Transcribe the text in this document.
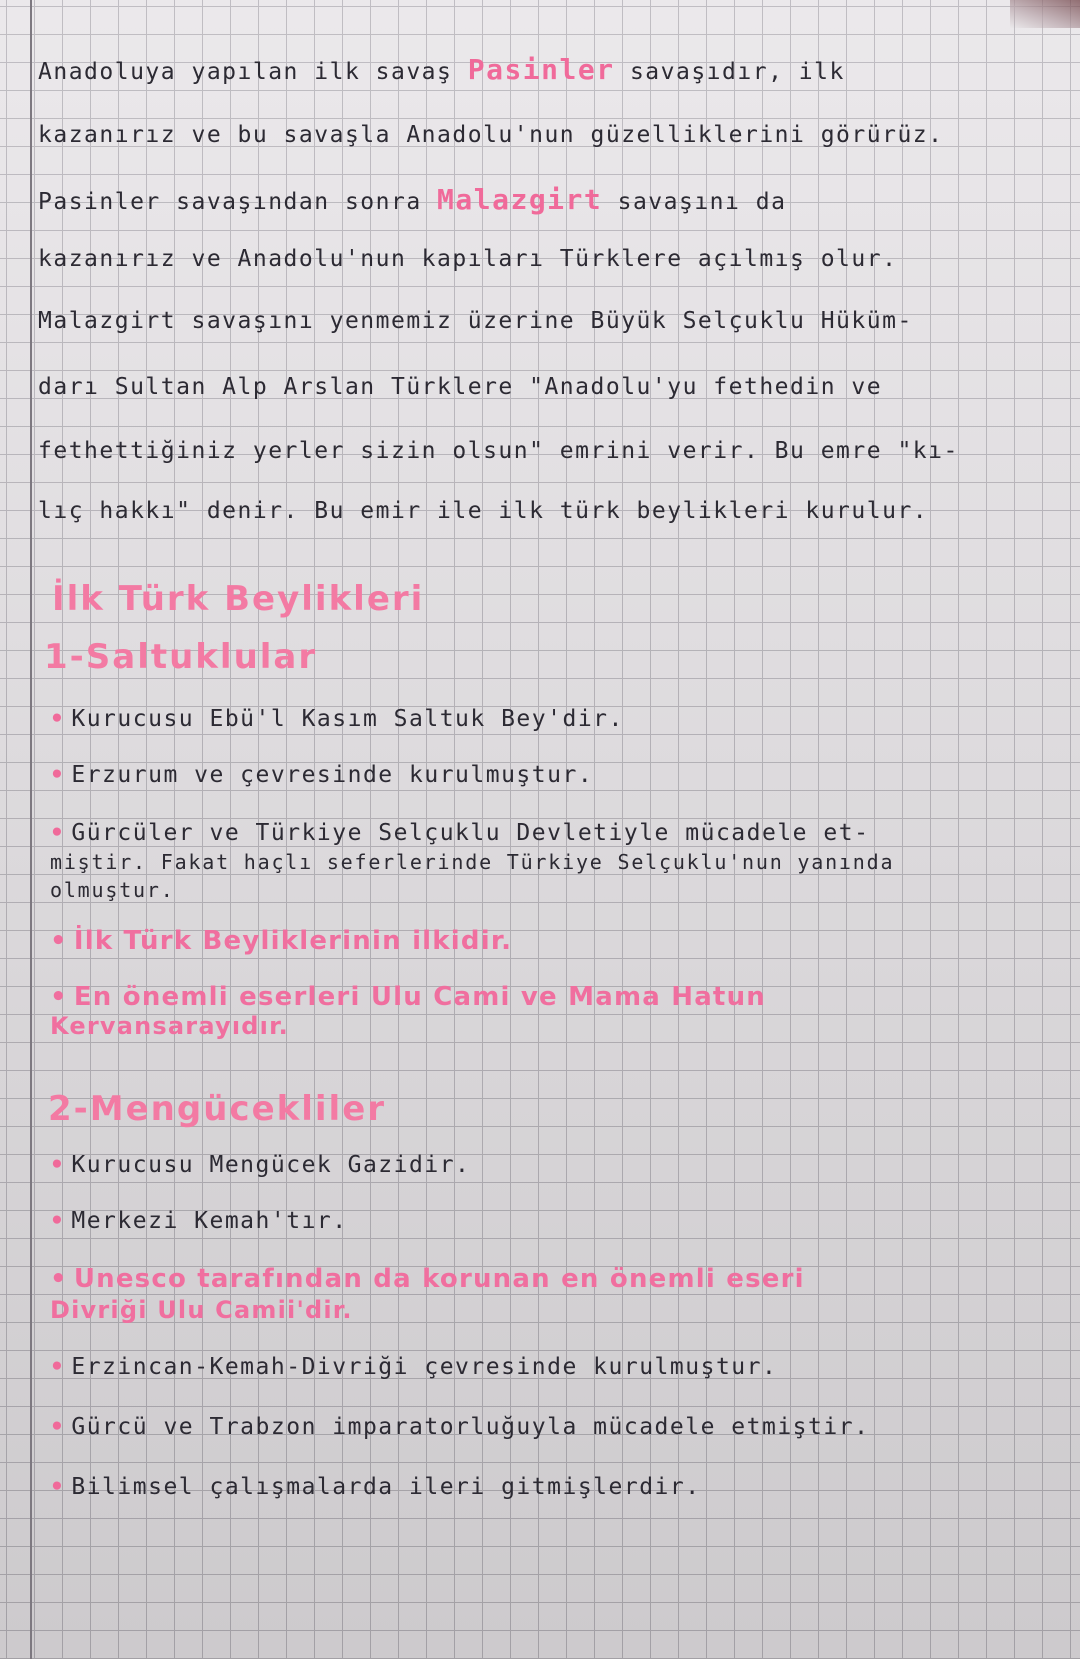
Anadoluya yapılan ilk savaş Pasinler savaşıdır, ilk
kazanırız ve bu savaşla Anadolu'nun güzelliklerini görürüz.
Pasinler savaşından sonra Malazgirt savaşını da
kazanırız ve Anadolu'nun kapıları Türklere açılmış olur.
Malazgirt savaşını yenmemiz üzerine Büyük Selçuklu Hüküm-
darı Sultan Alp Arslan Türklere "Anadolu'yu fethedin ve
fethettiğiniz yerler sizin olsun" emrini verir. Bu emre "kı-
lıç hakkı" denir. Bu emir ile ilk türk beylikleri kurulur.
İlk Türk Beylikleri
1-Saltuklular
• Kurucusu Ebü'l Kasım Saltuk Bey'dir.
• Erzurum ve çevresinde kurulmuştur.
• Gürcüler ve Türkiye Selçuklu Devletiyle mücadele et-
miştir. Fakat haçlı seferlerinde Türkiye Selçuklu'nun yanında
olmuştur.
• İlk Türk Beyliklerinin ilkidir.
• En önemli eserleri Ulu Cami ve Mama Hatun
Kervansarayıdır.
2-Mengücekliler
• Kurucusu Mengücek Gazidir.
• Merkezi Kemah'tır.
• Unesco tarafından da korunan en önemli eseri
Divriği Ulu Camii'dir.
• Erzincan-Kemah-Divriği çevresinde kurulmuştur.
• Gürcü ve Trabzon imparatorluğuyla mücadele etmiştir.
• Bilimsel çalışmalarda ileri gitmişlerdir.
